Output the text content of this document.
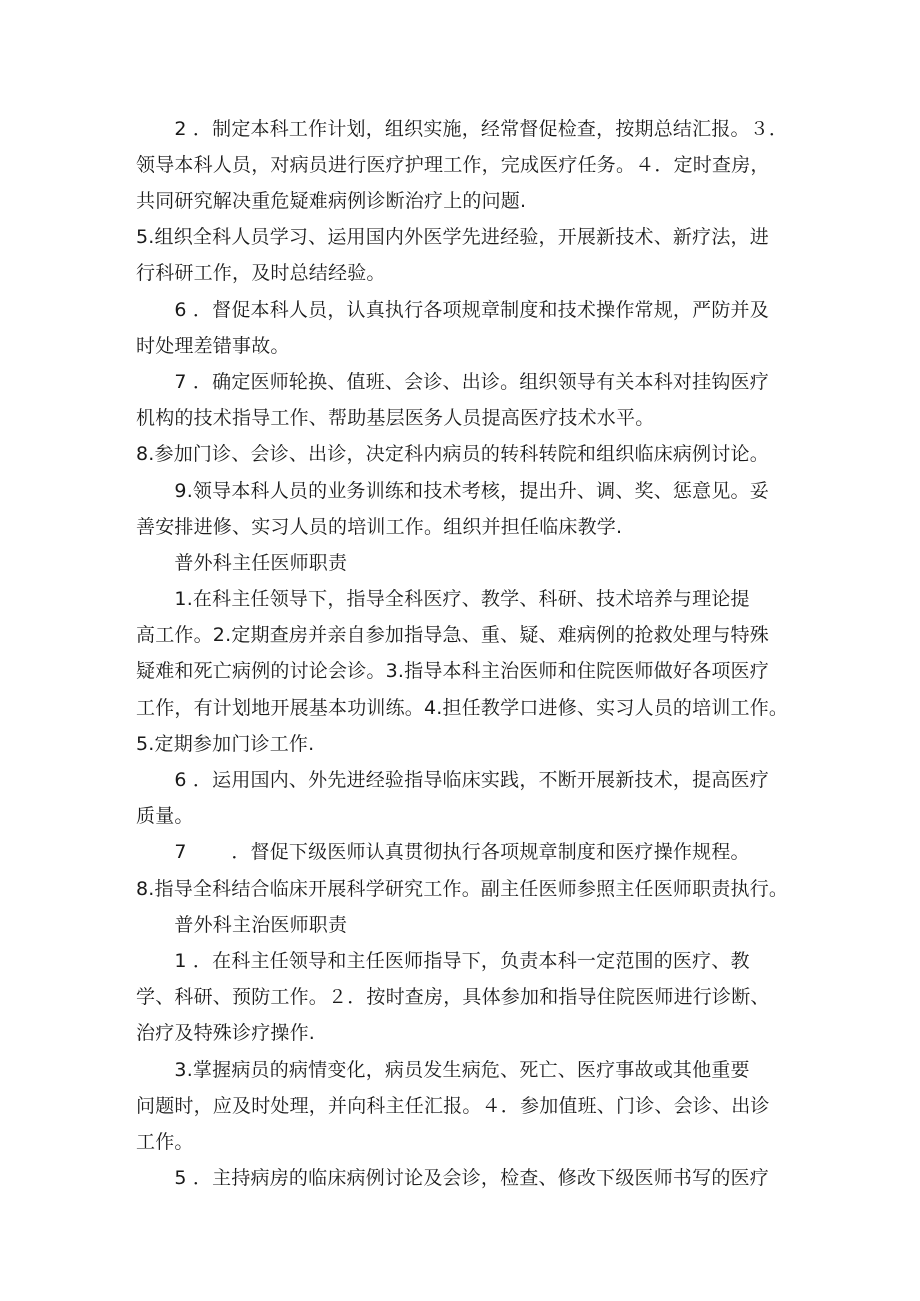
　　2 ．制定本科工作计划，组织实施，经常督促检查，按期总结汇报。３．
领导本科人员，对病员进行医疗护理工作，完成医疗任务。４．定时查房，
共同研究解决重危疑难病例诊断治疗上的问题.
5.组织全科人员学习、运用国内外医学先进经验，开展新技术、新疗法，进
行科研工作，及时总结经验。
　　6 ．督促本科人员，认真执行各项规章制度和技术操作常规，严防并及
时处理差错事故。
　　7 ．确定医师轮换、值班、会诊、出诊。组织领导有关本科对挂钩医疗
机构的技术指导工作、帮助基层医务人员提高医疗技术水平。
8.参加门诊、会诊、出诊，决定科内病员的转科转院和组织临床病例讨论。
　　9.领导本科人员的业务训练和技术考核，提出升、调、奖、惩意见。妥
善安排进修、实习人员的培训工作。组织并担任临床教学.
　　普外科主任医师职责
　　1.在科主任领导下，指导全科医疗、教学、科研、技术培养与理论提
高工作。2.定期查房并亲自参加指导急、重、疑、难病例的抢救处理与特殊
疑难和死亡病例的讨论会诊。3.指导本科主治医师和住院医师做好各项医疗
工作，有计划地开展基本功训练。4.担任教学口进修、实习人员的培训工作。
5.定期参加门诊工作.
　　6 ．运用国内、外先进经验指导临床实践，不断开展新技术，提高医疗
质量。
　　7　　 ．督促下级医师认真贯彻执行各项规章制度和医疗操作规程。
8.指导全科结合临床开展科学研究工作。副主任医师参照主任医师职责执行。
　　普外科主治医师职责
　　1 ．在科主任领导和主任医师指导下，负责本科一定范围的医疗、教
学、科研、预防工作。２．按时查房，具体参加和指导住院医师进行诊断、
治疗及特殊诊疗操作.
　　3.掌握病员的病情变化，病员发生病危、死亡、医疗事故或其他重要
问题时，应及时处理，并向科主任汇报。４．参加值班、门诊、会诊、出诊
工作。
　　5 ．主持病房的临床病例讨论及会诊，检查、修改下级医师书写的医疗
